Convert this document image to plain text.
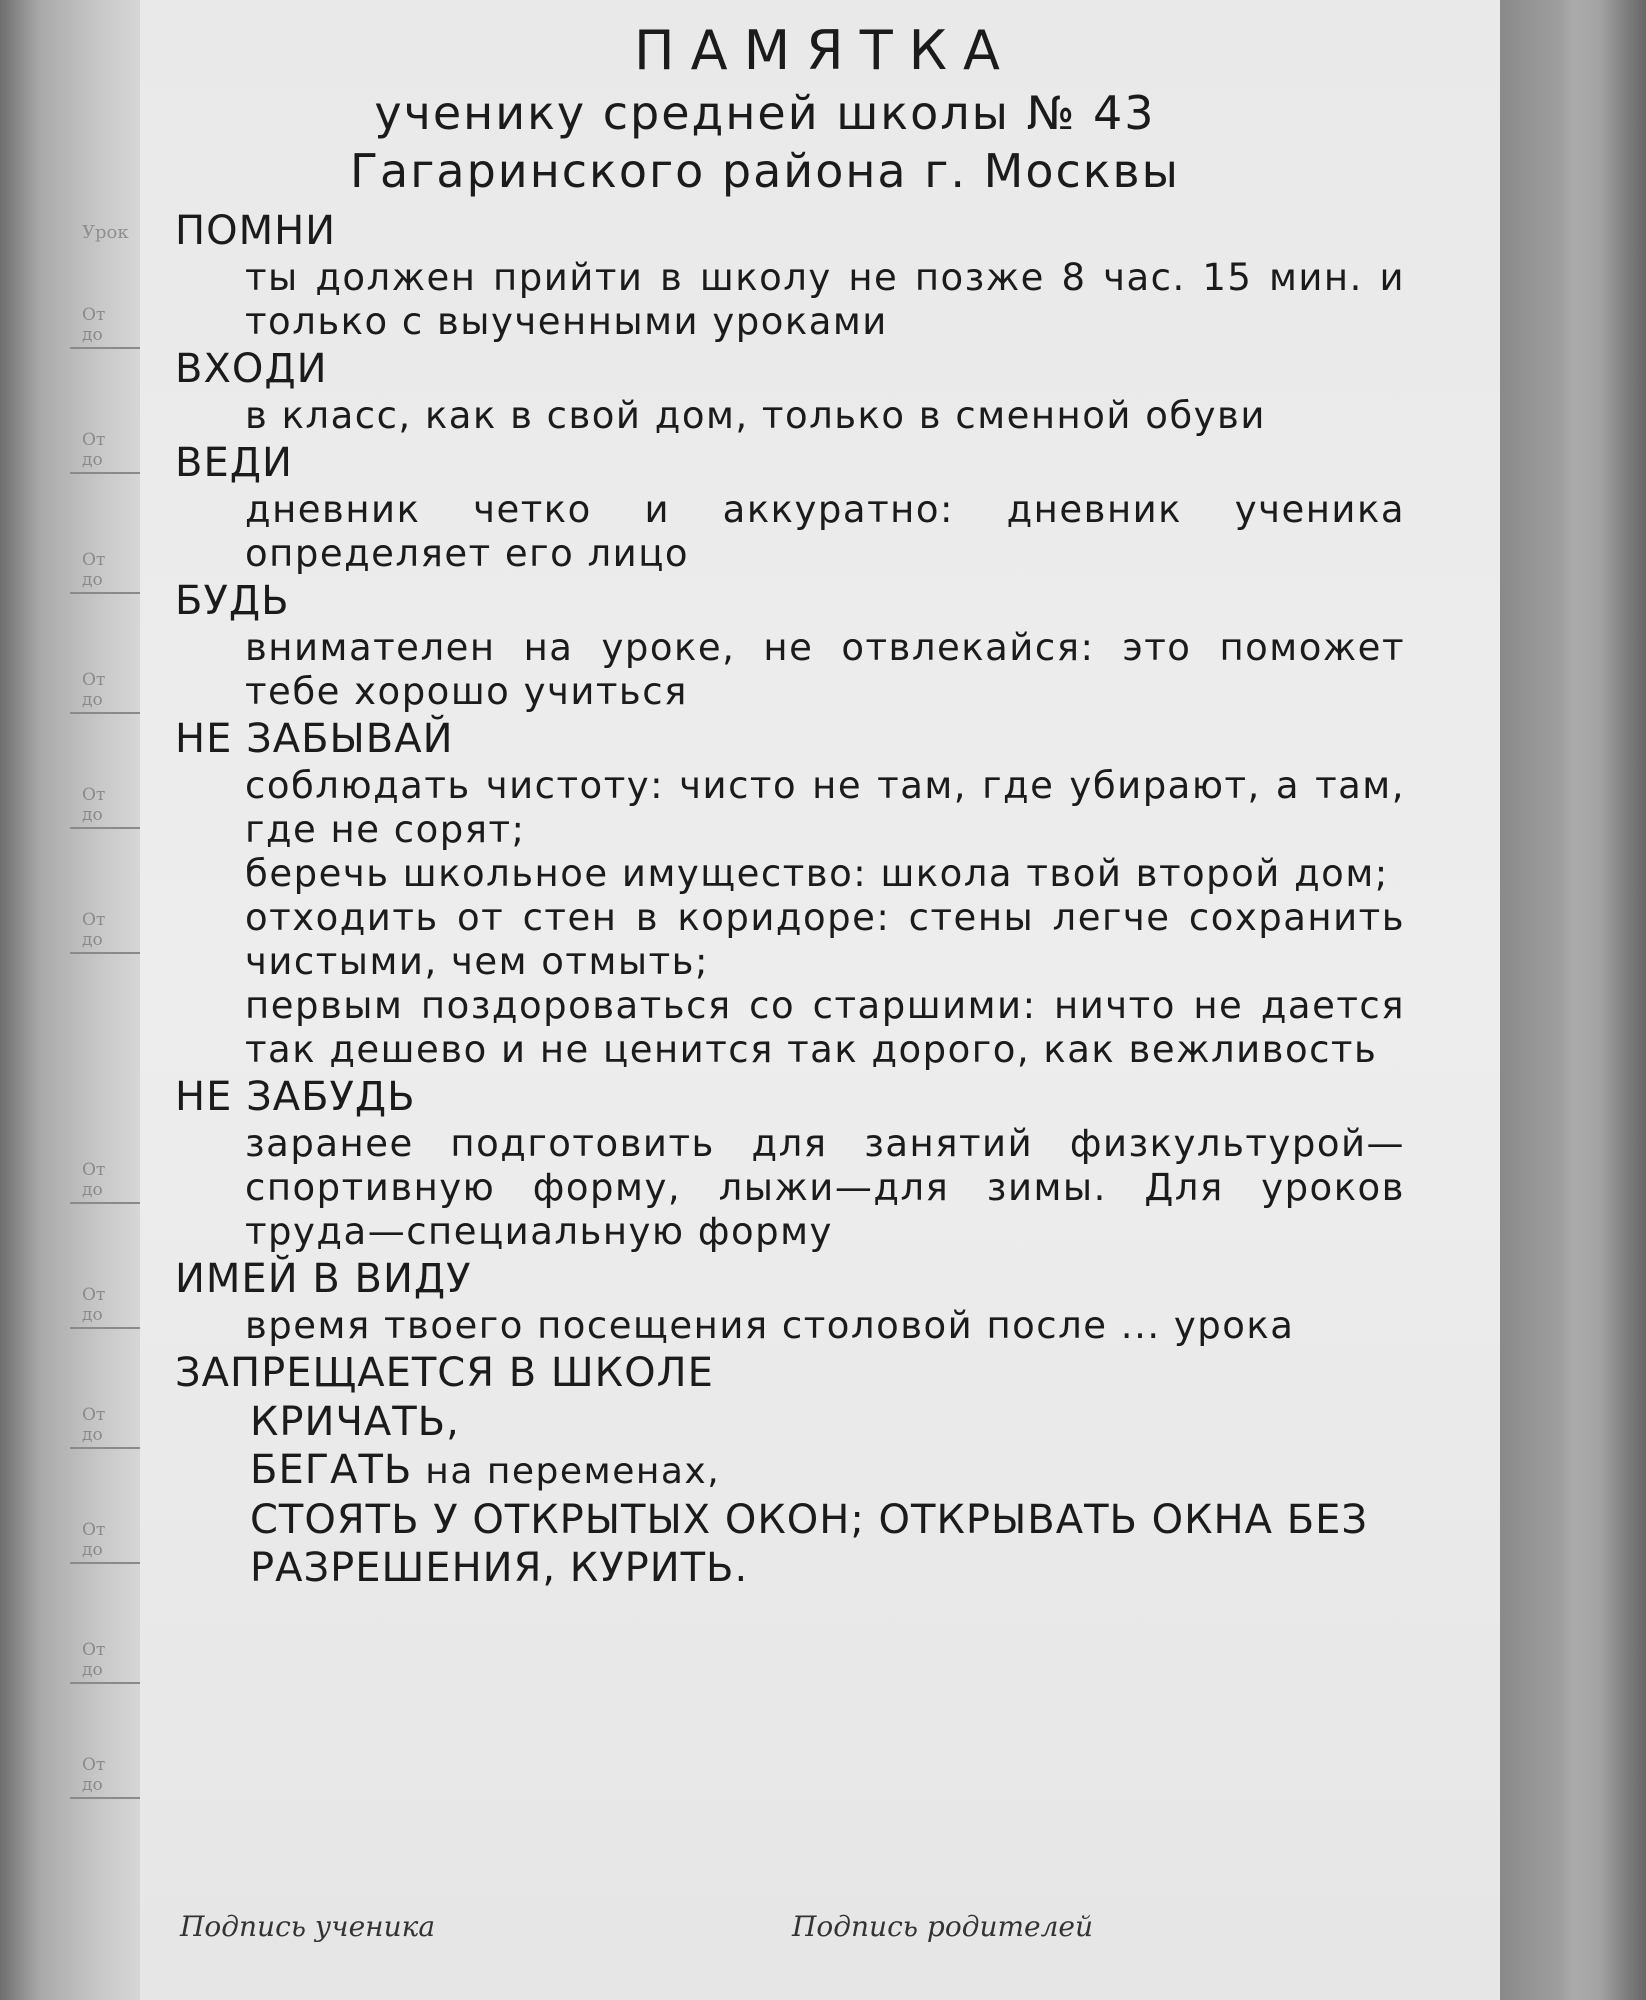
Урок
От
до
От
до
От
до
От
до
От
до
От
до
От
до
От
до
От
до
От
до
От
до
От
до
ПАМЯТКА
ученику средней школы № 43
Гагаринского района г. Москвы
ПОМНИ

ты должен прийти в школу не позже 8 час. 15 мин. и только с выученными уроками

ВХОДИ

в класс, как в свой дом, только в сменной обуви

ВЕДИ

дневник четко и аккуратно: дневник ученика определяет его лицо

БУДЬ

внимателен на уроке, не отвлекайся: это поможет тебе хорошо учиться

НЕ ЗАБЫВАЙ

соблюдать чистоту: чисто не там, где убирают, а там, где не сорят;

беречь школьное имущество: школа твой второй дом;

отходить от стен в коридоре: стены легче сохранить чистыми, чем отмыть;

первым поздороваться со старшими: ничто не дается так дешево и не ценится так дорого, как вежливость

НЕ ЗАБУДЬ

заранее подготовить для занятий физкультурой—спортивную форму, лыжи—для зимы. Для уроков труда—специальную форму

ИМЕЙ В ВИДУ

время твоего посещения столовой после ... урока

ЗАПРЕЩАЕТСЯ В ШКОЛЕ

КРИЧАТЬ,

БЕГАТЬ на переменах,

СТОЯТЬ У ОТКРЫТЫХ ОКОН; ОТКРЫВАТЬ ОКНА БЕЗ РАЗРЕШЕНИЯ, КУРИТЬ.

Подпись ученика	Подпись родителей
